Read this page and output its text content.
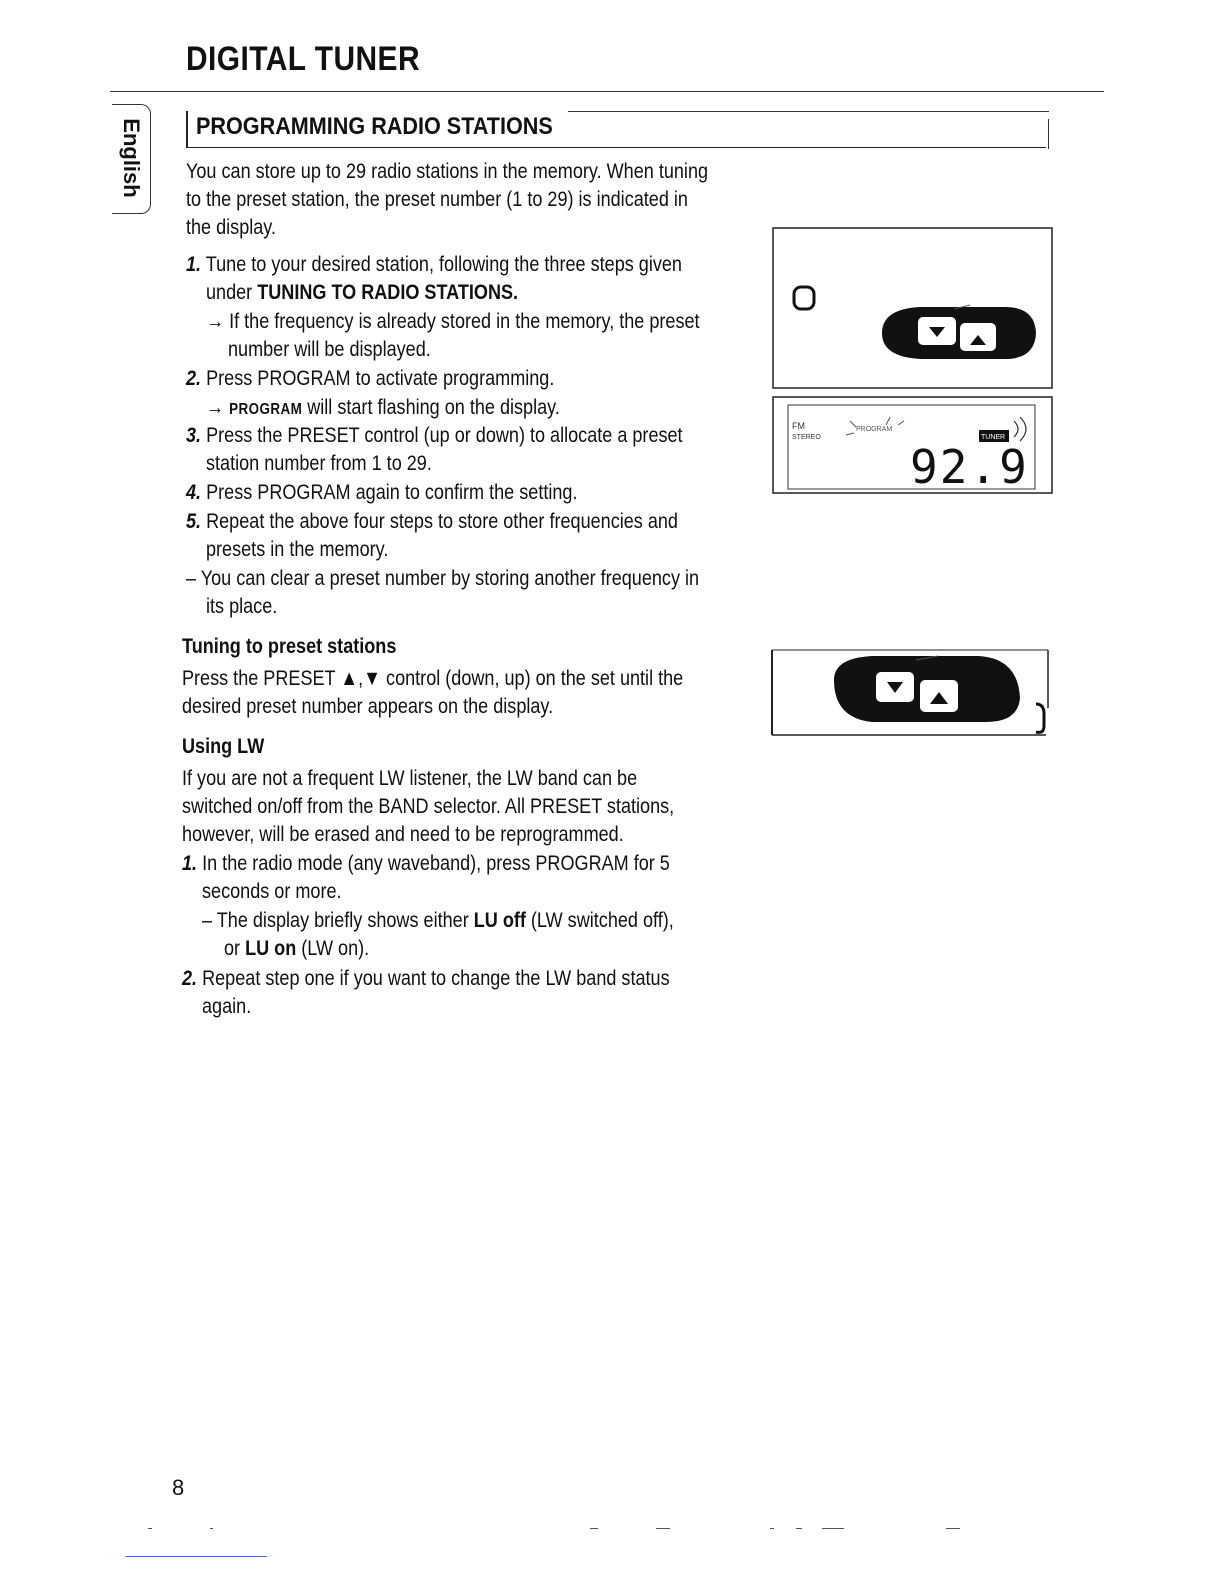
DIGITAL TUNER
English PROGRAMMING RADIO STATIONS
You can store up to 29 radio stations in the memory. When tuning
to the preset station, the preset number (1 to 29) is indicated in
the display.
1. Tune to your desired station, following the three steps given
under TUNING TO RADIO STATIONS.
→ If the frequency is already stored in the memory, the preset
number will be displayed.
2. Press PROGRAM to activate programming.
→ PROGRAM will start flashing on the display.
3. Press the PRESET control (up or down) to allocate a preset
station number from 1 to 29.
4. Press PROGRAM again to confirm the setting.
5. Repeat the above four steps to store other frequencies and
presets in the memory.
– You can clear a preset number by storing another frequency in
its place.
Tuning to preset stations
Press the PRESET ▲,▼ control (down, up) on the set until the
desired preset number appears on the display.
Using LW
If you are not a frequent LW listener, the LW band can be
switched on/off from the BAND selector. All PRESET stations,
however, will be erased and need to be reprogrammed.
1. In the radio mode (any waveband), press PROGRAM for 5
seconds or more.
– The display briefly shows either LU off (LW switched off),
or LU on (LW on).
2. Repeat step one if you want to change the LW band status
again.
FM
STEREO
PROGRAM
TUNER
92.9
8
